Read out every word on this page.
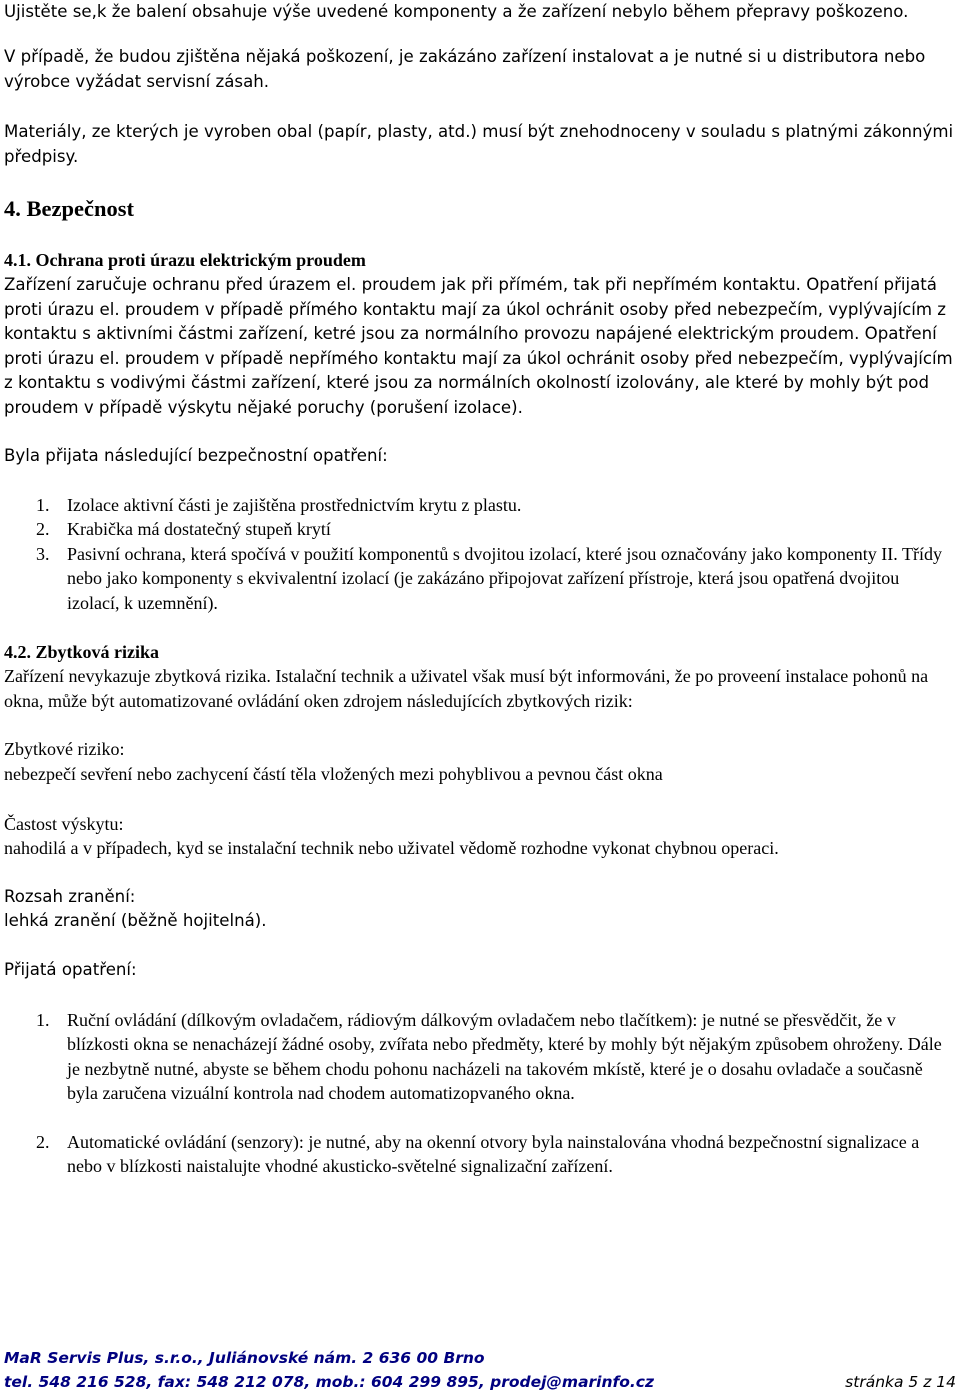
Ujistěte se,k že balení obsahuje výše uvedené komponenty a že zařízení nebylo během přepravy poškozeno.

V případě, že budou zjištěna nějaká poškození, je zakázáno zařízení instalovat a je nutné si u distributora nebo výrobce vyžádat servisní zásah.

Materiály, ze kterých je vyroben obal (papír, plasty, atd.) musí být znehodnoceny v souladu s platnými zákonnými předpisy.

4. Bezpečnost
4.1. Ochrana proti úrazu elektrickým proudem

Zařízení zaručuje ochranu před úrazem el. proudem jak při přímém, tak při nepřímém kontaktu. Opatření přijatá proti úrazu el. proudem v případě přímého kontaktu mají za úkol ochránit osoby před nebezpečím, vyplývajícím z kontaktu s aktivními částmi zařízení, ketré jsou za normálního provozu napájené elektrickým proudem. Opatření proti úrazu el. proudem v případě nepřímého kontaktu mají za úkol ochránit osoby před nebezpečím, vyplývajícím z kontaktu s vodivými částmi zařízení, které jsou za normálních okolností izolovány, ale které by mohly být pod proudem v případě výskytu nějaké poruchy (porušení izolace).

Byla přijata následující bezpečnostní opatření:

1. Izolace aktivní části je zajištěna prostřednictvím krytu z plastu.
2. Krabička má dostatečný stupeň krytí
3. Pasivní ochrana, která spočívá v použití komponentů s dvojitou izolací, které jsou označovány jako komponenty II. Třídy nebo jako komponenty s ekvivalentní izolací (je zakázáno připojovat zařízení přístroje, která jsou opatřená dvojitou izolací, k uzemnění).
4.2. Zbytková rizika

Zařízení nevykazuje zbytková rizika. Istalační technik a uživatel však musí být informováni, že po proveení instalace pohonů na okna, může být automatizované ovládání oken zdrojem následujících zbytkových rizik:

Zbytkové riziko:

nebezpečí sevření nebo zachycení částí těla vložených mezi pohyblivou a pevnou část okna

Častost výskytu:

nahodilá a v případech, kyd se instalační technik nebo uživatel vědomě rozhodne vykonat chybnou operaci.

Rozsah zranění:

lehká zranění (běžně hojitelná).

Přijatá opatření:

1. Ruční ovládání (dílkovým ovladačem, rádiovým dálkovým ovladačem nebo tlačítkem): je nutné se přesvědčit, že v blízkosti okna se nenacházejí žádné osoby, zvířata nebo předměty, které by mohly být nějakým způsobem ohroženy. Dále je nezbytně nutné, abyste se během chodu pohonu nacházeli na takovém mkístě, které je o dosahu ovladače a současně byla zaručena vizuální kontrola nad chodem automatizopvaného okna.
2. Automatické ovládání (senzory): je nutné, aby na okenní otvory byla nainstalována vhodná bezpečnostní signalizace a nebo v blízkosti naistalujte vhodné akusticko-světelné signalizační zařízení.
MaR Servis Plus, s.r.o., Juliánovské nám. 2 636 00 Brno
tel. 548 216 528, fax: 548 212 078, mob.: 604 299 895, prodej@marinfo.cz	stránka 5 z 14
